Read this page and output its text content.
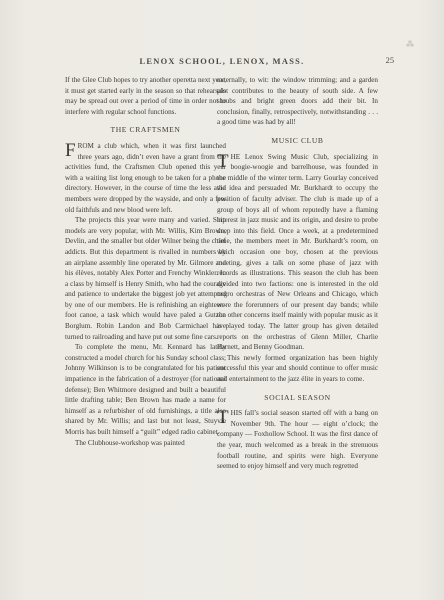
LENOX SCHOOL, LENOX, MASS.	25
⁂

If the Glee Club hopes to try another operetta next year, it must get started early in the season so that rehearsals may be spread out over a period of time in order not to interfere with regular school functions.

THE CRAFTSMEN

F ROM a club which, when it was first launched three years ago, didn’t even have a grant from the activities fund, the Craftsmen Club opened this year with a waiting list long enough to be taken for a phone directory. However, in the course of time the less avid members were dropped by the wayside, and only a few old faithfuls and new blood were left.

The projects this year were many and varied. Ship models are very popular, with Mr. Willis, Kim Brown, Devlin, and the smaller but older Wilner being the chief addicts. But this department is rivalled in numbers by an airplane assembly line operated by Mr. Gilmore and his élèves, notably Alex Porter and Frenchy Winkler. In a class by himself is Henry Smith, who had the courage and patience to undertake the biggest job yet attempted by one of our members. He is refinishing an eighteen-foot canoe, a task which would have paled a Gutzon Borglum. Robin Landon and Bob Carmichael have turned to railroading and have put out some fine cars.

To complete the menu, Mr. Kennard has lately constructed a model church for his Sunday school class; Johnny Wilkinson is to be congratulated for his patient impatience in the fabrication of a destroyer (for national defense); Ben Whitmore designed and built a beautiful little drafting table; Ben Brown has made a name for himself as a refurbisher of old furnishings, a title also shared by Mr. Willis; and last but not least, Stuyvie Morris has built himself a “guilt” edged radio cabinet.

The Clubhouse-workshop was painted

externally, to wit: the window trimming; and a garden plot contributes to the beauty of south side. A few shrubs and bright green doors add their bit. In conclusion, finally, retrospectively, notwithstanding . . . a good time was had by all!

MUSIC CLUB

T HE Lenox Swing Music Club, specializing in boogie-woogie and barrelhouse, was founded in the middle of the winter term. Larry Gourlay conceived the idea and persuaded Mr. Burkhardt to occupy the position of faculty adviser. The club is made up of a group of boys all of whom reputedly have a flaming interest in jazz music and its origin, and desire to probe deep into this field. Once a week, at a predetermined time, the members meet in Mr. Burkhardt’s room, on which occasion one boy, chosen at the previous meeting, gives a talk on some phase of jazz with records as illustrations. This season the club has been divided into two factions: one is interested in the old negro orchestras of New Orleans and Chicago, which were the forerunners of our present day bands; while the other concerns itself mainly with popular music as it is played today. The latter group has given detailed reports on the orchestras of Glenn Miller, Charlie Barnett, and Benny Goodman.

This newly formed organization has been highly successful this year and should continue to offer music and entertainment to the jazz élite in years to come.

SOCIAL SEASON

T HIS fall’s social season started off with a bang on November 9th. The hour — eight o’clock; the company — Foxhollow School. It was the first dance of the year, much welcomed as a break in the strenuous football routine, and spirits were high. Everyone seemed to enjoy himself and very much regretted
